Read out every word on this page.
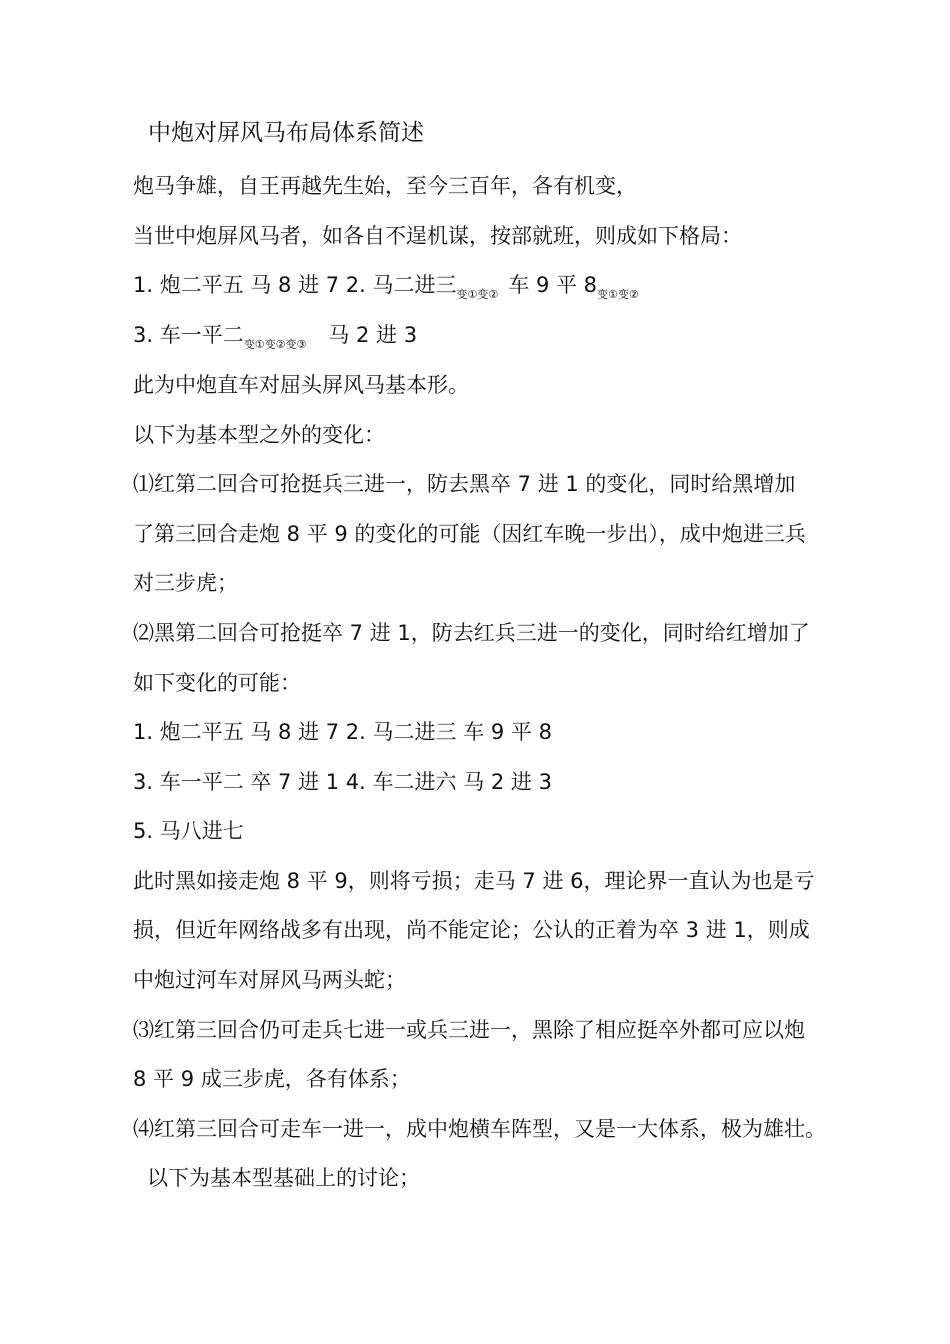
中炮对屏风马布局体系简述
炮马争雄，自王再越先生始，至今三百年，各有机变，
当世中炮屏风马者，如各自不逞机谋，按部就班，则成如下格局：
1. 炮二平五 马 8 进 7 2. 马二进三$_{变①变②}$ 车 9 平 $8_{变①变②}$
3. 车一平二$_{变①变②变③}$ 马 2 进 3
此为中炮直车对屈头屏风马基本形。
以下为基本型之外的变化：
⑴红第二回合可抢挺兵三进一，防去黑卒 7 进 1 的变化，同时给黑增加
了第三回合走炮 8 平 9 的变化的可能（因红车晚一步出），成中炮进三兵
对三步虎；
⑵黑第二回合可抢挺卒 7 进 1，防去红兵三进一的变化，同时给红增加了
如下变化的可能：
1. 炮二平五 马 8 进 7 2. 马二进三 车 9 平 8
3. 车一平二 卒 7 进 1 4. 车二进六 马 2 进 3
5. 马八进七
此时黑如接走炮 8 平 9，则将亏损；走马 7 进 6，理论界一直认为也是亏
损，但近年网络战多有出现，尚不能定论；公认的正着为卒 3 进 1，则成
中炮过河车对屏风马两头蛇；
⑶红第三回合仍可走兵七进一或兵三进一，黑除了相应挺卒外都可应以炮
8 平 9 成三步虎，各有体系；
⑷红第三回合可走车一进一，成中炮横车阵型，又是一大体系，极为雄壮。
以下为基本型基础上的讨论；
